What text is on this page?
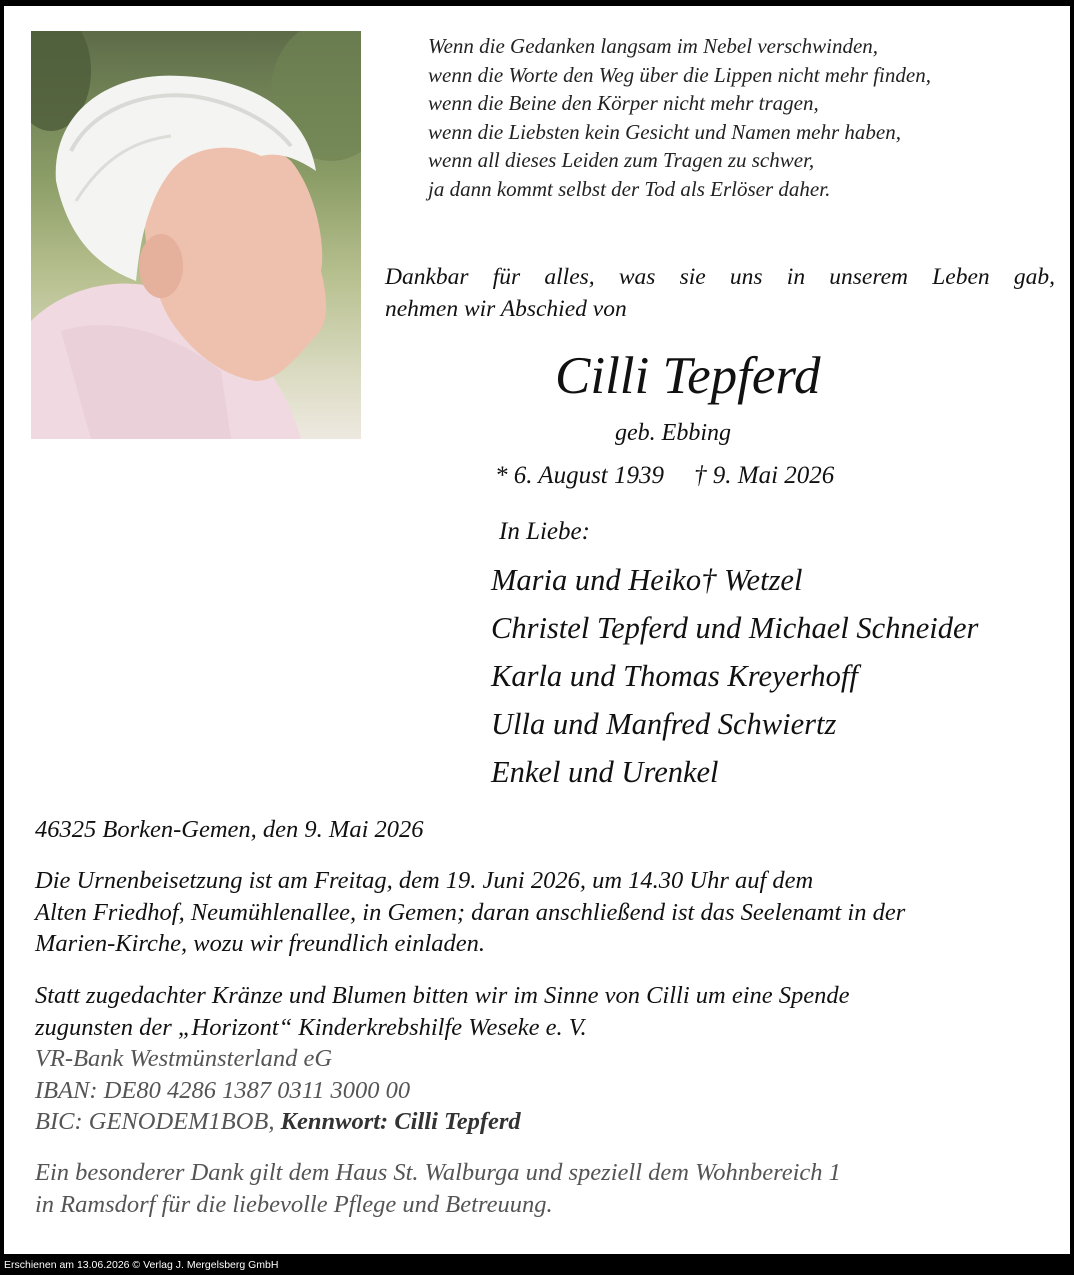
Wenn die Gedanken langsam im Nebel verschwinden,
wenn die Worte den Weg über die Lippen nicht mehr finden,
wenn die Beine den Körper nicht mehr tragen,
wenn die Liebsten kein Gesicht und Namen mehr haben,
wenn all dieses Leiden zum Tragen zu schwer,
ja dann kommt selbst der Tod als Erlöser daher.
Dankbar für alles, was sie uns in unserem Leben gab,
nehmen wir Abschied von
Cilli Tepferd
geb. Ebbing
* 6. August 1939 † 9. Mai 2026
In Liebe:
Maria und Heiko† Wetzel
Christel Tepferd und Michael Schneider
Karla und Thomas Kreyerhoff
Ulla und Manfred Schwiertz
Enkel und Urenkel
46325 Borken-Gemen, den 9. Mai 2026
Die Urnenbeisetzung ist am Freitag, dem 19. Juni 2026, um 14.30 Uhr auf dem
Alten Friedhof, Neumühlenallee, in Gemen; daran anschließend ist das Seelenamt in der
Marien-Kirche, wozu wir freundlich einladen.
Statt zugedachter Kränze und Blumen bitten wir im Sinne von Cilli um eine Spende
zugunsten der „Horizont“ Kinderkrebshilfe Weseke e. V.
VR-Bank Westmünsterland eG
IBAN: DE80 4286 1387 0311 3000 00
BIC: GENODEM1BOB, Kennwort: Cilli Tepferd
Ein besonderer Dank gilt dem Haus St. Walburga und speziell dem Wohnbereich 1
in Ramsdorf für die liebevolle Pflege und Betreuung.
Erschienen am 13.06.2026 © Verlag J. Mergelsberg GmbH
